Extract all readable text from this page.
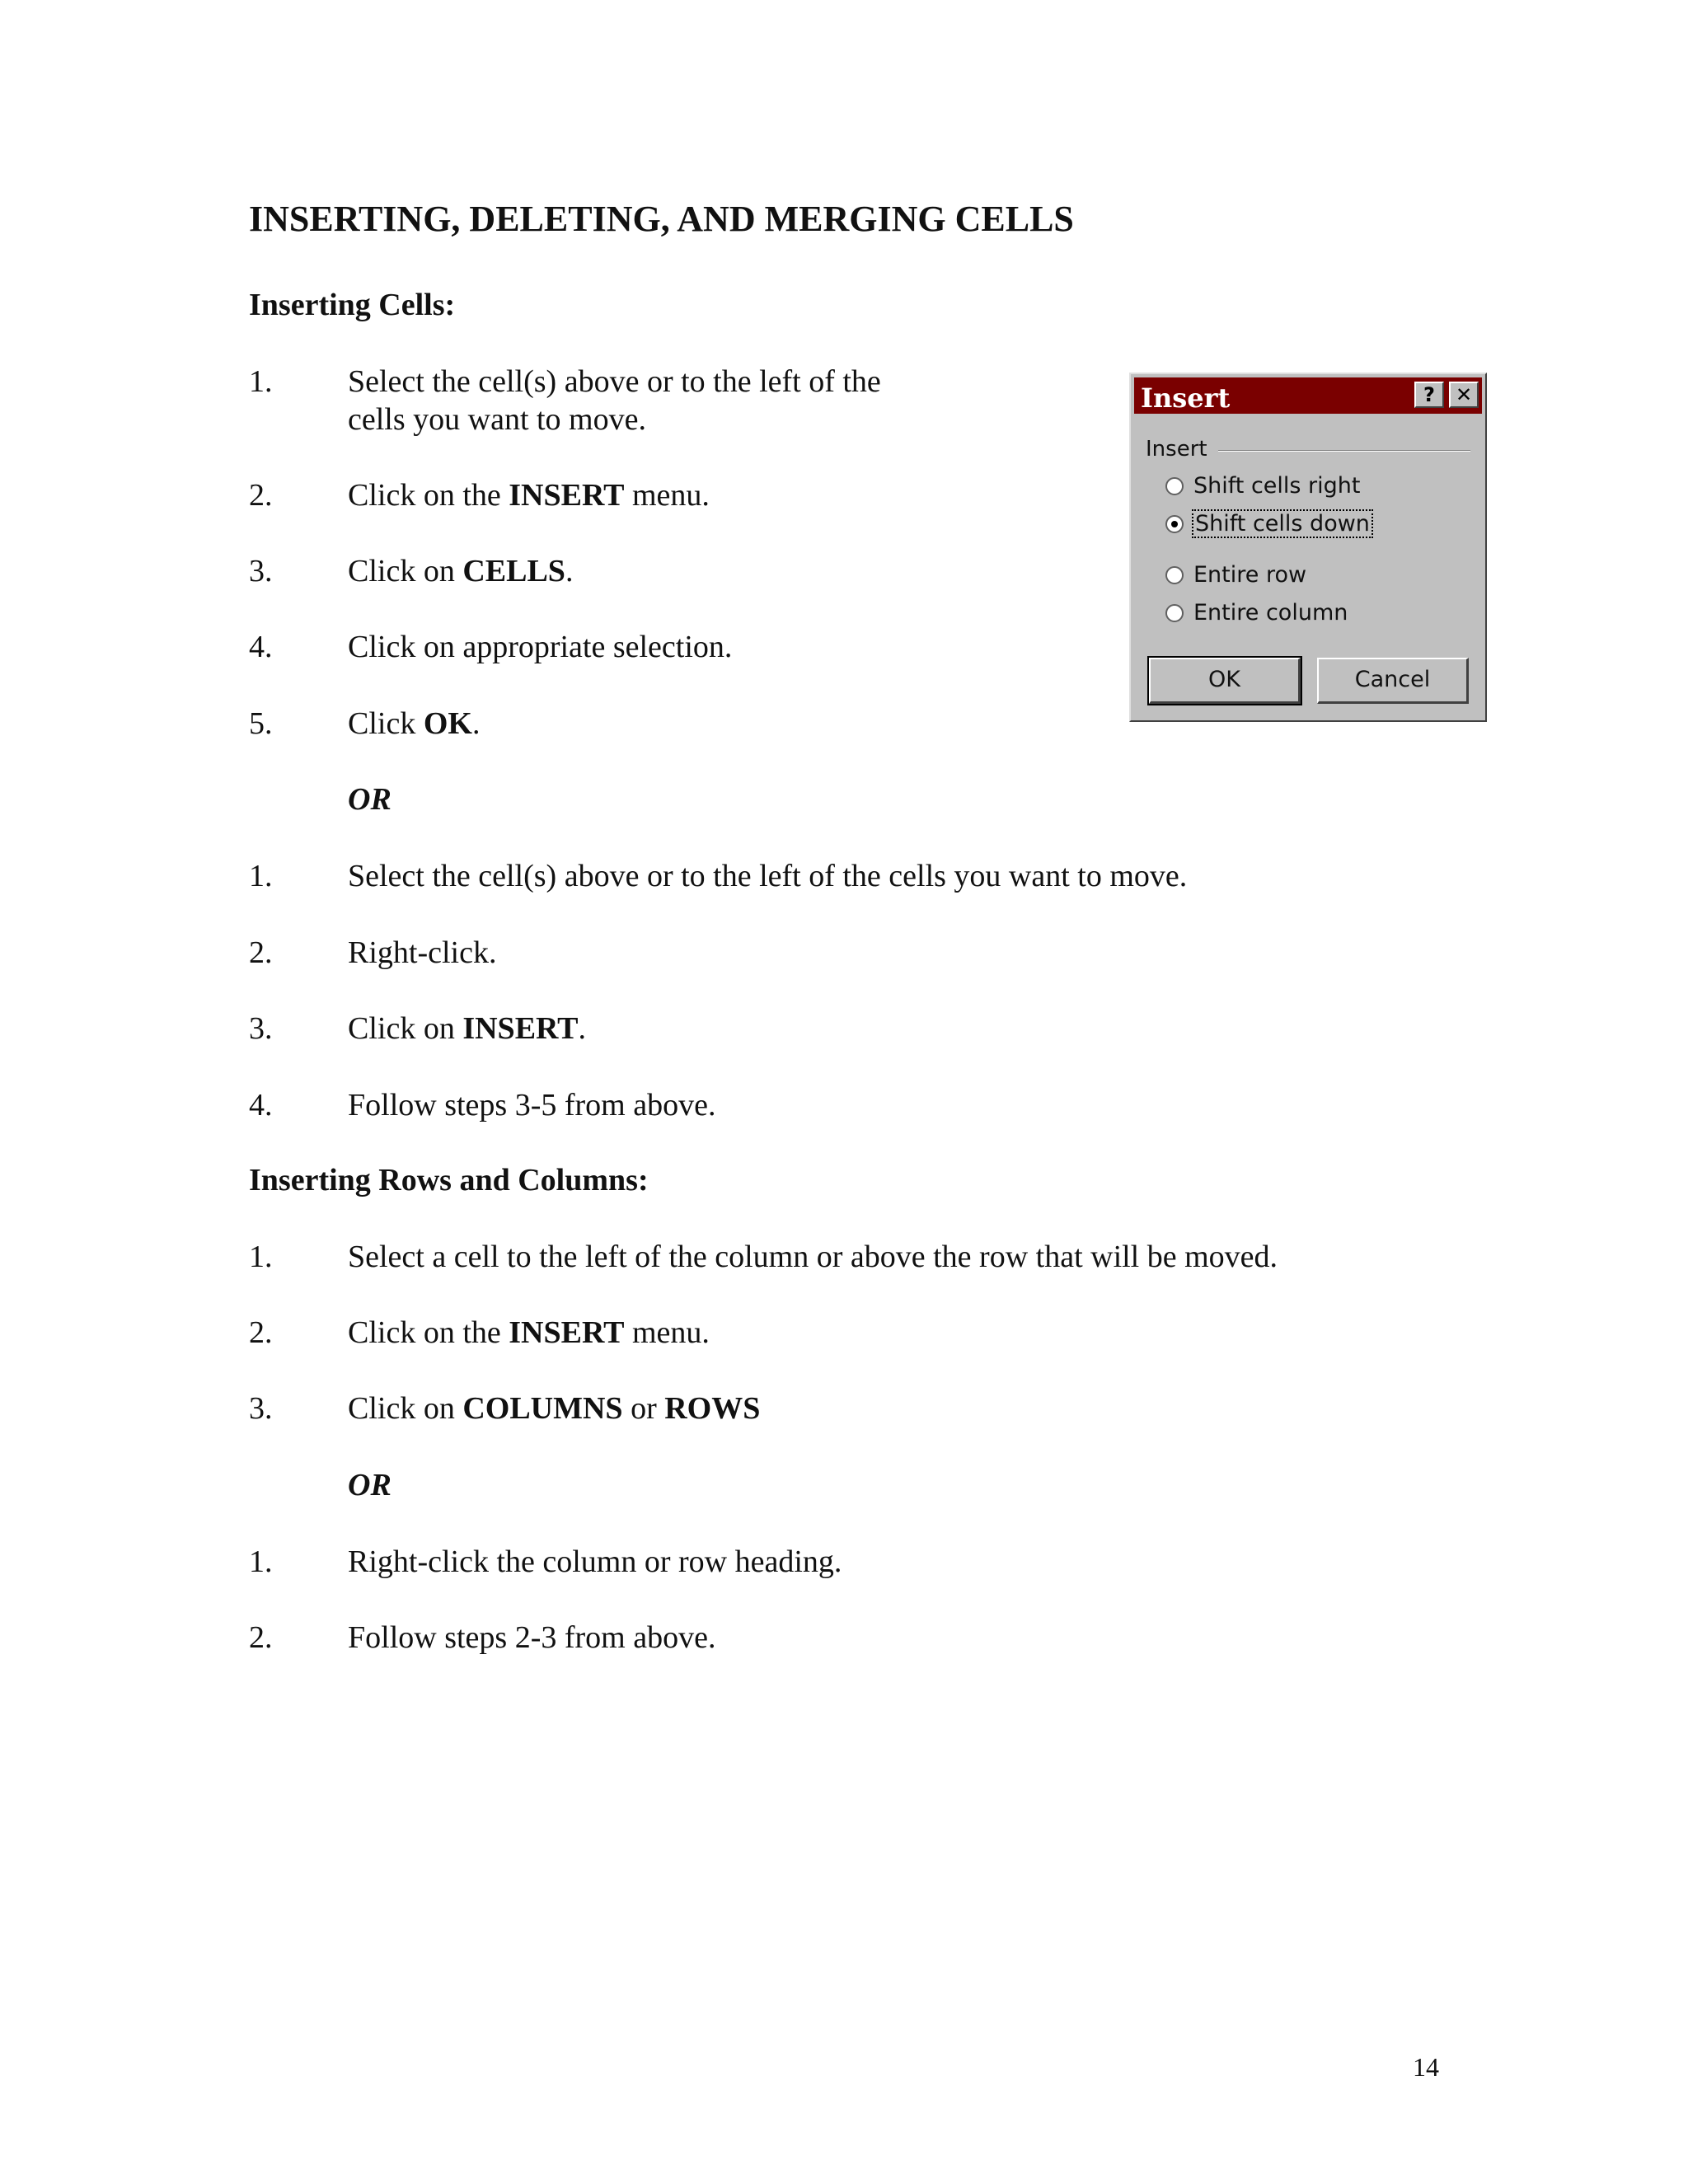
INSERTING, DELETING, AND MERGING CELLS
Inserting Cells:
1. Select the cell(s) above or to the left of the
cells you want to move.
2. Click on the INSERT menu.
3. Click on CELLS.
4. Click on appropriate selection.
5. Click OK.
OR
1. Select the cell(s) above or to the left of the cells you want to move.
2. Right-click.
3. Click on INSERT.
4. Follow steps 3-5 from above.
Inserting Rows and Columns:
1. Select a cell to the left of the column or above the row that will be moved.
2. Click on the INSERT menu.
3. Click on COLUMNS or ROWS
OR
1. Right-click the column or row heading.
2. Follow steps 2-3 from above.
Insert	?	✕
Insert
Shift cells right
Shift cells down
Entire row
Entire column
OK	Cancel
14
